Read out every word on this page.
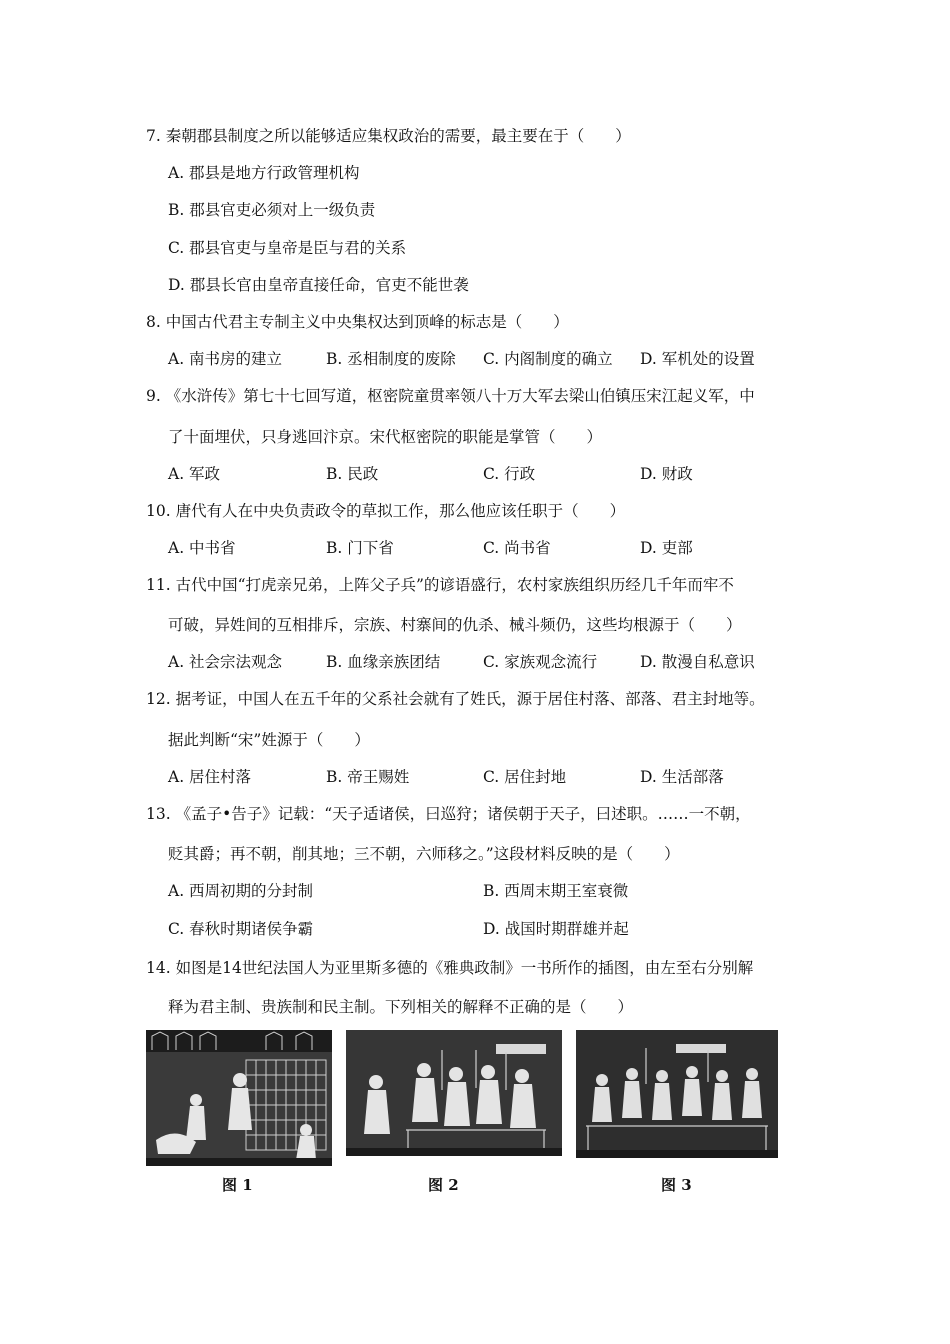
7. 秦朝郡县制度之所以能够适应集权政治的需要，最主要在于（　　）
A. 郡县是地方行政管理机构
B. 郡县官吏必须对上一级负责
C. 郡县官吏与皇帝是臣与君的关系
D. 郡县长官由皇帝直接任命，官吏不能世袭
8. 中国古代君主专制主义中央集权达到顶峰的标志是（　　）
A. 南书房的建立	B. 丞相制度的废除 C. 内阁制度的确立 D. 军机处的设置
9. 《水浒传》第七十七回写道，枢密院童贯率领八十万大军去梁山伯镇压宋江起义军，中
了十面埋伏，只身逃回汴京。宋代枢密院的职能是掌管（　　）
A. 军政	B. 民政	C. 行政	D. 财政
10. 唐代有人在中央负责政令的草拟工作，那么他应该任职于（　　）
A. 中书省	B. 门下省	C. 尚书省	D. 吏部
11. 古代中国“打虎亲兄弟，上阵父子兵”的谚语盛行，农村家族组织历经几千年而牢不
可破，异姓间的互相排斥，宗族、村寨间的仇杀、械斗频仍，这些均根源于（　　）
A. 社会宗法观念	B. 血缘亲族团结	C. 家族观念流行	D. 散漫自私意识
12. 据考证，中国人在五千年的父系社会就有了姓氏，源于居住村落、部落、君主封地等。
据此判断“宋”姓源于（　　）
A. 居住村落	B. 帝王赐姓	C. 居住封地	D. 生活部落
13. 《孟子•告子》记载：“天子适诸侯，曰巡狩；诸侯朝于天子，曰述职。……一不朝，
贬其爵；再不朝，削其地；三不朝，六师移之。”这段材料反映的是（　　）
A. 西周初期的分封制	B. 西周末期王室衰微
C. 春秋时期诸侯争霸	D. 战国时期群雄并起
14. 如图是14世纪法国人为亚里斯多德的《雅典政制》一书所作的插图，由左至右分别解
释为君主制、贵族制和民主制。下列相关的解释不正确的是（　　）
图 1	图 2	图 3
